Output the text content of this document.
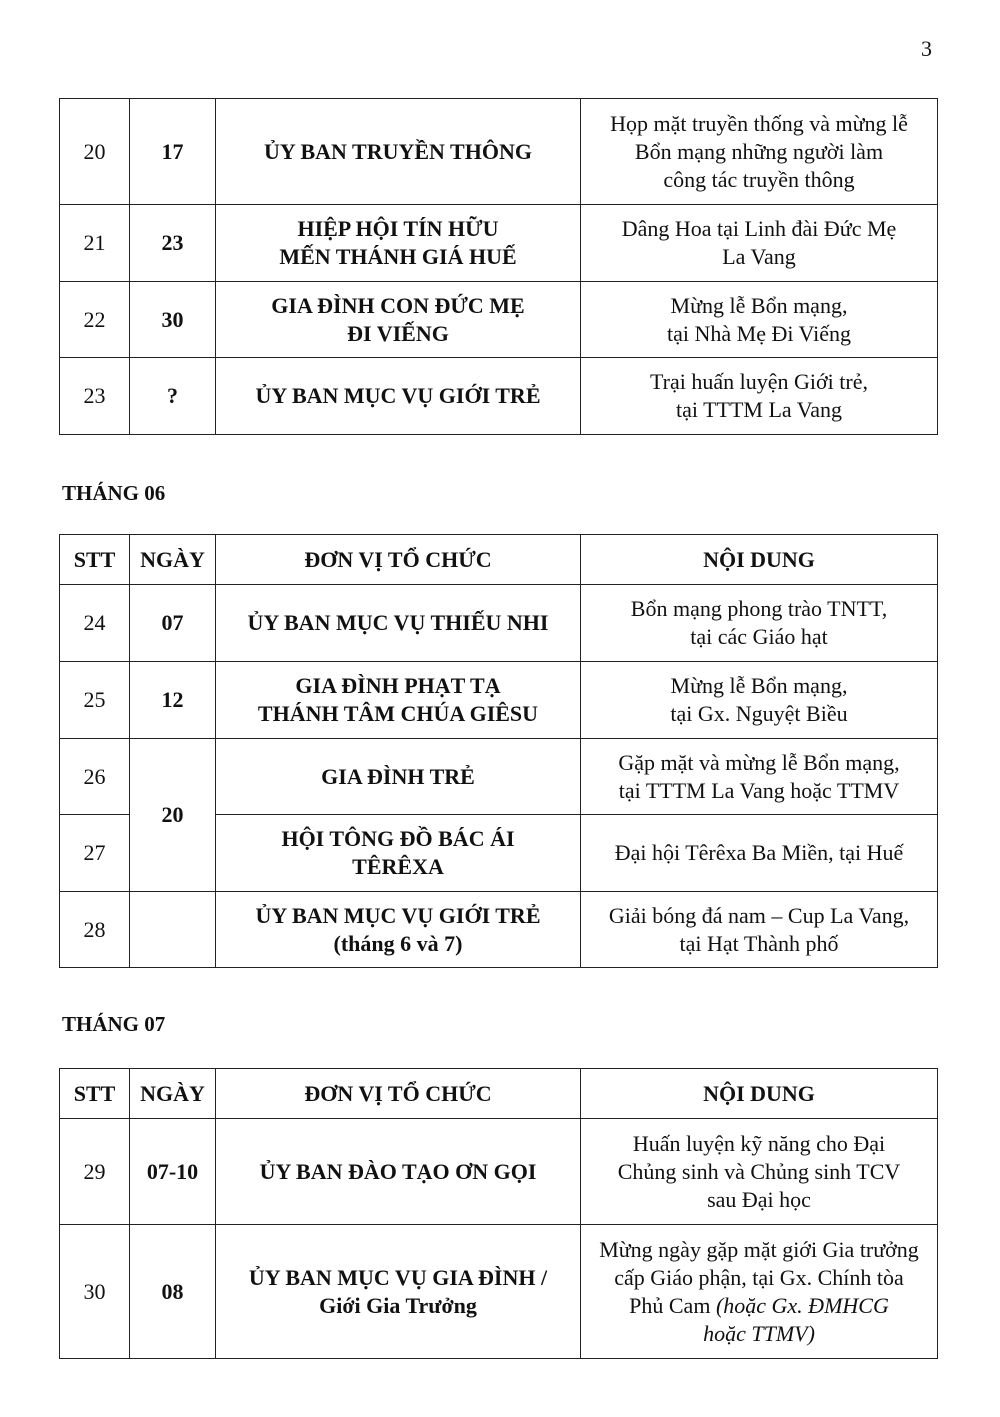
3
20	17	ỦY BAN TRUYỀN THÔNG	Họp mặt truyền thống và mừng lễ
Bổn mạng những người làm
công tác truyền thông
21	23	HIỆP HỘI TÍN HỮU
MẾN THÁNH GIÁ HUẾ	Dâng Hoa tại Linh đài Đức Mẹ
La Vang
22	30	GIA ĐÌNH CON ĐỨC MẸ
ĐI VIẾNG	Mừng lễ Bổn mạng,
tại Nhà Mẹ Đi Viếng
23	?	ỦY BAN MỤC VỤ GIỚI TRẺ	Trại huấn luyện Giới trẻ,
tại TTTM La Vang
THÁNG 06
STT	NGÀY	ĐƠN VỊ TỔ CHỨC	NỘI DUNG
24	07	ỦY BAN MỤC VỤ THIẾU NHI	Bổn mạng phong trào TNTT,
tại các Giáo hạt
25	12	GIA ĐÌNH PHẠT TẠ
THÁNH TÂM CHÚA GIÊSU	Mừng lễ Bổn mạng,
tại Gx. Nguyệt Biều
26	20	GIA ĐÌNH TRẺ	Gặp mặt và mừng lễ Bổn mạng,
tại TTTM La Vang hoặc TTMV
27		HỘI TÔNG ĐỒ BÁC ÁI
TÊRÊXA	Đại hội Têrêxa Ba Miền, tại Huế
28		ỦY BAN MỤC VỤ GIỚI TRẺ
(tháng 6 và 7)	Giải bóng đá nam – Cup La Vang,
tại Hạt Thành phố
THÁNG 07
STT	NGÀY	ĐƠN VỊ TỔ CHỨC	NỘI DUNG
29	07-10	ỦY BAN ĐÀO TẠO ƠN GỌI	Huấn luyện kỹ năng cho Đại
Chủng sinh và Chủng sinh TCV
sau Đại học
30	08	ỦY BAN MỤC VỤ GIA ĐÌNH /
Giới Gia Trưởng	Mừng ngày gặp mặt giới Gia trưởng
cấp Giáo phận, tại Gx. Chính tòa
Phủ Cam (hoặc Gx. ĐMHCG
hoặc TTMV)
